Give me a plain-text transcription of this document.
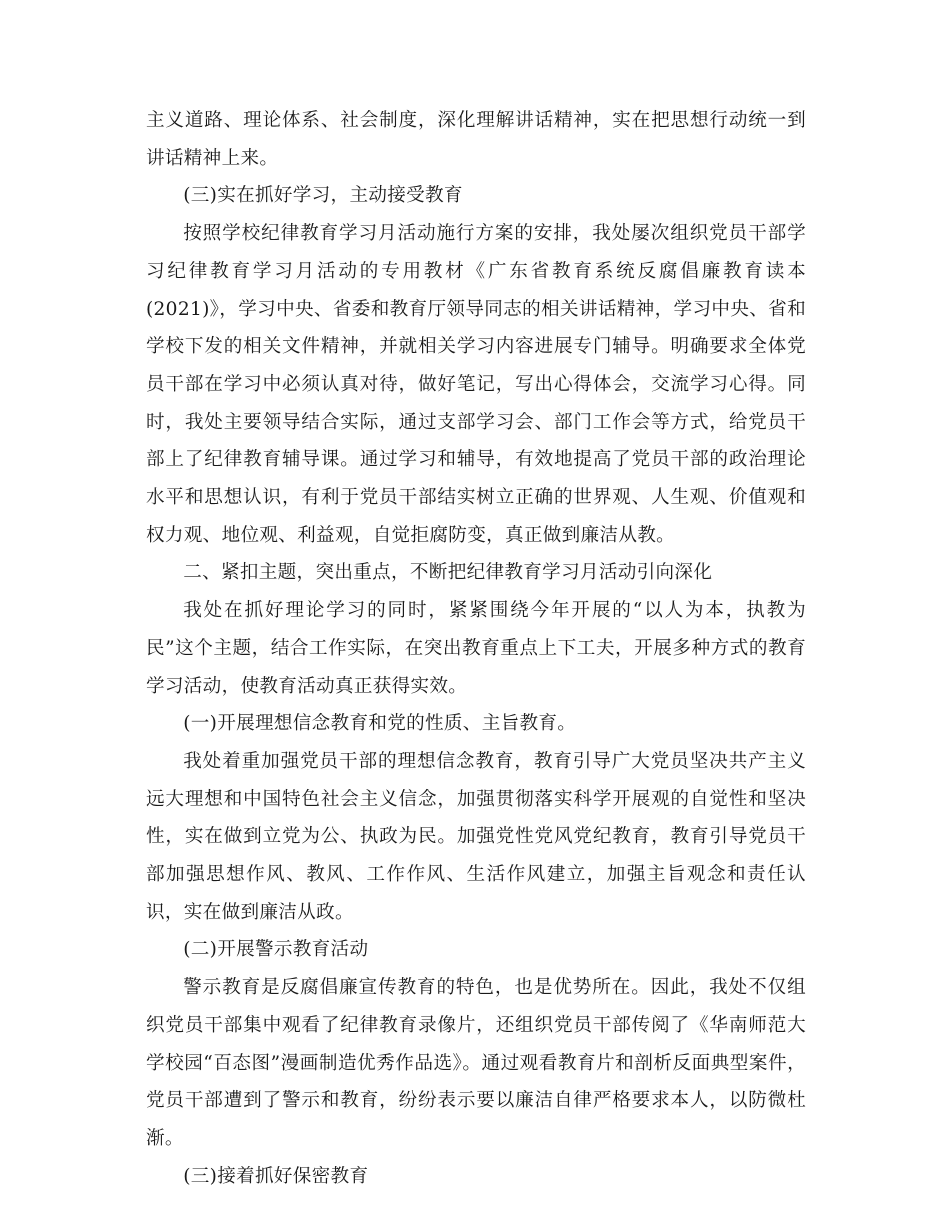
主义道路、理论体系、社会制度，深化理解讲话精神，实在把思想行动统一到讲话精神上来。

(三)实在抓好学习，主动接受教育

按照学校纪律教育学习月活动施行方案的安排，我处屡次组织党员干部学习纪律教育学习月活动的专用教材《广东省教育系统反腐倡廉教育读本(2021)》，学习中央、省委和教育厅领导同志的相关讲话精神，学习中央、省和学校下发的相关文件精神，并就相关学习内容进展专门辅导。明确要求全体党员干部在学习中必须认真对待，做好笔记，写出心得体会，交流学习心得。同时，我处主要领导结合实际，通过支部学习会、部门工作会等方式，给党员干部上了纪律教育辅导课。通过学习和辅导，有效地提高了党员干部的政治理论水平和思想认识，有利于党员干部结实树立正确的世界观、人生观、价值观和权力观、地位观、利益观，自觉拒腐防变，真正做到廉洁从教。

二、紧扣主题，突出重点，不断把纪律教育学习月活动引向深化

我处在抓好理论学习的同时，紧紧围绕今年开展的“以人为本，执教为民”这个主题，结合工作实际，在突出教育重点上下工夫，开展多种方式的教育学习活动，使教育活动真正获得实效。

(一)开展理想信念教育和党的性质、主旨教育。

我处着重加强党员干部的理想信念教育，教育引导广大党员坚决共产主义远大理想和中国特色社会主义信念，加强贯彻落实科学开展观的自觉性和坚决性，实在做到立党为公、执政为民。加强党性党风党纪教育，教育引导党员干部加强思想作风、教风、工作作风、生活作风建立，加强主旨观念和责任认识，实在做到廉洁从政。

(二)开展警示教育活动

警示教育是反腐倡廉宣传教育的特色，也是优势所在。因此，我处不仅组织党员干部集中观看了纪律教育录像片，还组织党员干部传阅了《华南师范大学校园“百态图”漫画制造优秀作品选》。通过观看教育片和剖析反面典型案件，党员干部遭到了警示和教育，纷纷表示要以廉洁自律严格要求本人，以防微杜渐。

(三)接着抓好保密教育
